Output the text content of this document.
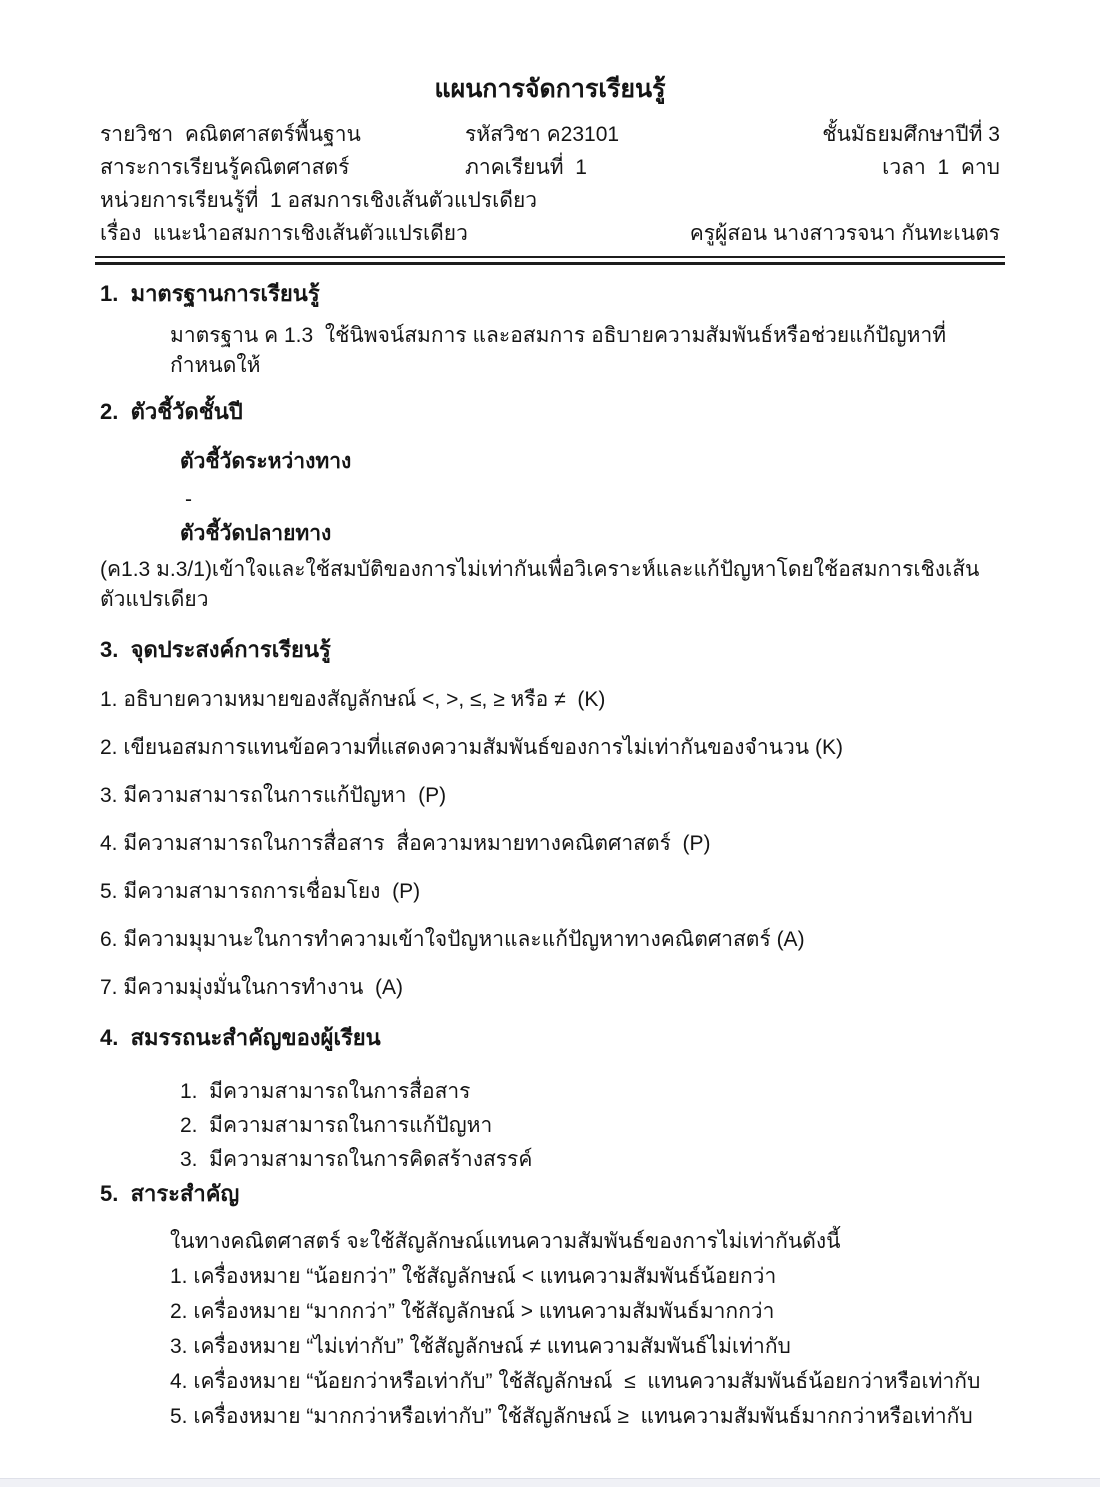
แผนการจัดการเรียนรู้
รายวิชา  คณิตศาสตร์พื้นฐาน	รหัสวิชา ค23101	ชั้นมัธยมศึกษาปีที่ 3
สาระการเรียนรู้คณิตศาสตร์	ภาคเรียนที่  1	เวลา  1  คาบ
หน่วยการเรียนรู้ที่  1 อสมการเชิงเส้นตัวแปรเดียว
เรื่อง  แนะนำอสมการเชิงเส้นตัวแปรเดียว	ครูผู้สอน นางสาวรจนา กันทะเนตร
1.  มาตรฐานการเรียนรู้
มาตรฐาน ค 1.3  ใช้นิพจน์สมการ และอสมการ อธิบายความสัมพันธ์หรือช่วยแก้ปัญหาที่กำหนดให้
2.  ตัวชี้วัดชั้นปี
ตัวชี้วัดระหว่างทาง
-
ตัวชี้วัดปลายทาง
(ค1.3 ม.3/1)เข้าใจและใช้สมบัติของการไม่เท่ากันเพื่อวิเคราะห์และแก้ปัญหาโดยใช้อสมการเชิงเส้นตัวแปรเดียว
3.  จุดประสงค์การเรียนรู้
1. อธิบายความหมายของสัญลักษณ์ <, >, ≤, ≥ หรือ ≠  (K)
2. เขียนอสมการแทนข้อความที่แสดงความสัมพันธ์ของการไม่เท่ากันของจำนวน (K)
3. มีความสามารถในการแก้ปัญหา  (P)
4. มีความสามารถในการสื่อสาร  สื่อความหมายทางคณิตศาสตร์  (P)
5. มีความสามารถการเชื่อมโยง  (P)
6. มีความมุมานะในการทำความเข้าใจปัญหาและแก้ปัญหาทางคณิตศาสตร์ (A)
7. มีความมุ่งมั่นในการทำงาน  (A)
4.  สมรรถนะสำคัญของผู้เรียน
1.  มีความสามารถในการสื่อสาร
2.  มีความสามารถในการแก้ปัญหา
3.  มีความสามารถในการคิดสร้างสรรค์
5.  สาระสำคัญ
ในทางคณิตศาสตร์ จะใช้สัญลักษณ์แทนความสัมพันธ์ของการไม่เท่ากันดังนี้
1. เครื่องหมาย “น้อยกว่า” ใช้สัญลักษณ์ < แทนความสัมพันธ์น้อยกว่า
2. เครื่องหมาย “มากกว่า” ใช้สัญลักษณ์ > แทนความสัมพันธ์มากกว่า
3. เครื่องหมาย “ไม่เท่ากับ” ใช้สัญลักษณ์ ≠ แทนความสัมพันธ์ไม่เท่ากับ
4. เครื่องหมาย “น้อยกว่าหรือเท่ากับ” ใช้สัญลักษณ์  ≤  แทนความสัมพันธ์น้อยกว่าหรือเท่ากับ
5. เครื่องหมาย “มากกว่าหรือเท่ากับ” ใช้สัญลักษณ์ ≥  แทนความสัมพันธ์มากกว่าหรือเท่ากับ
